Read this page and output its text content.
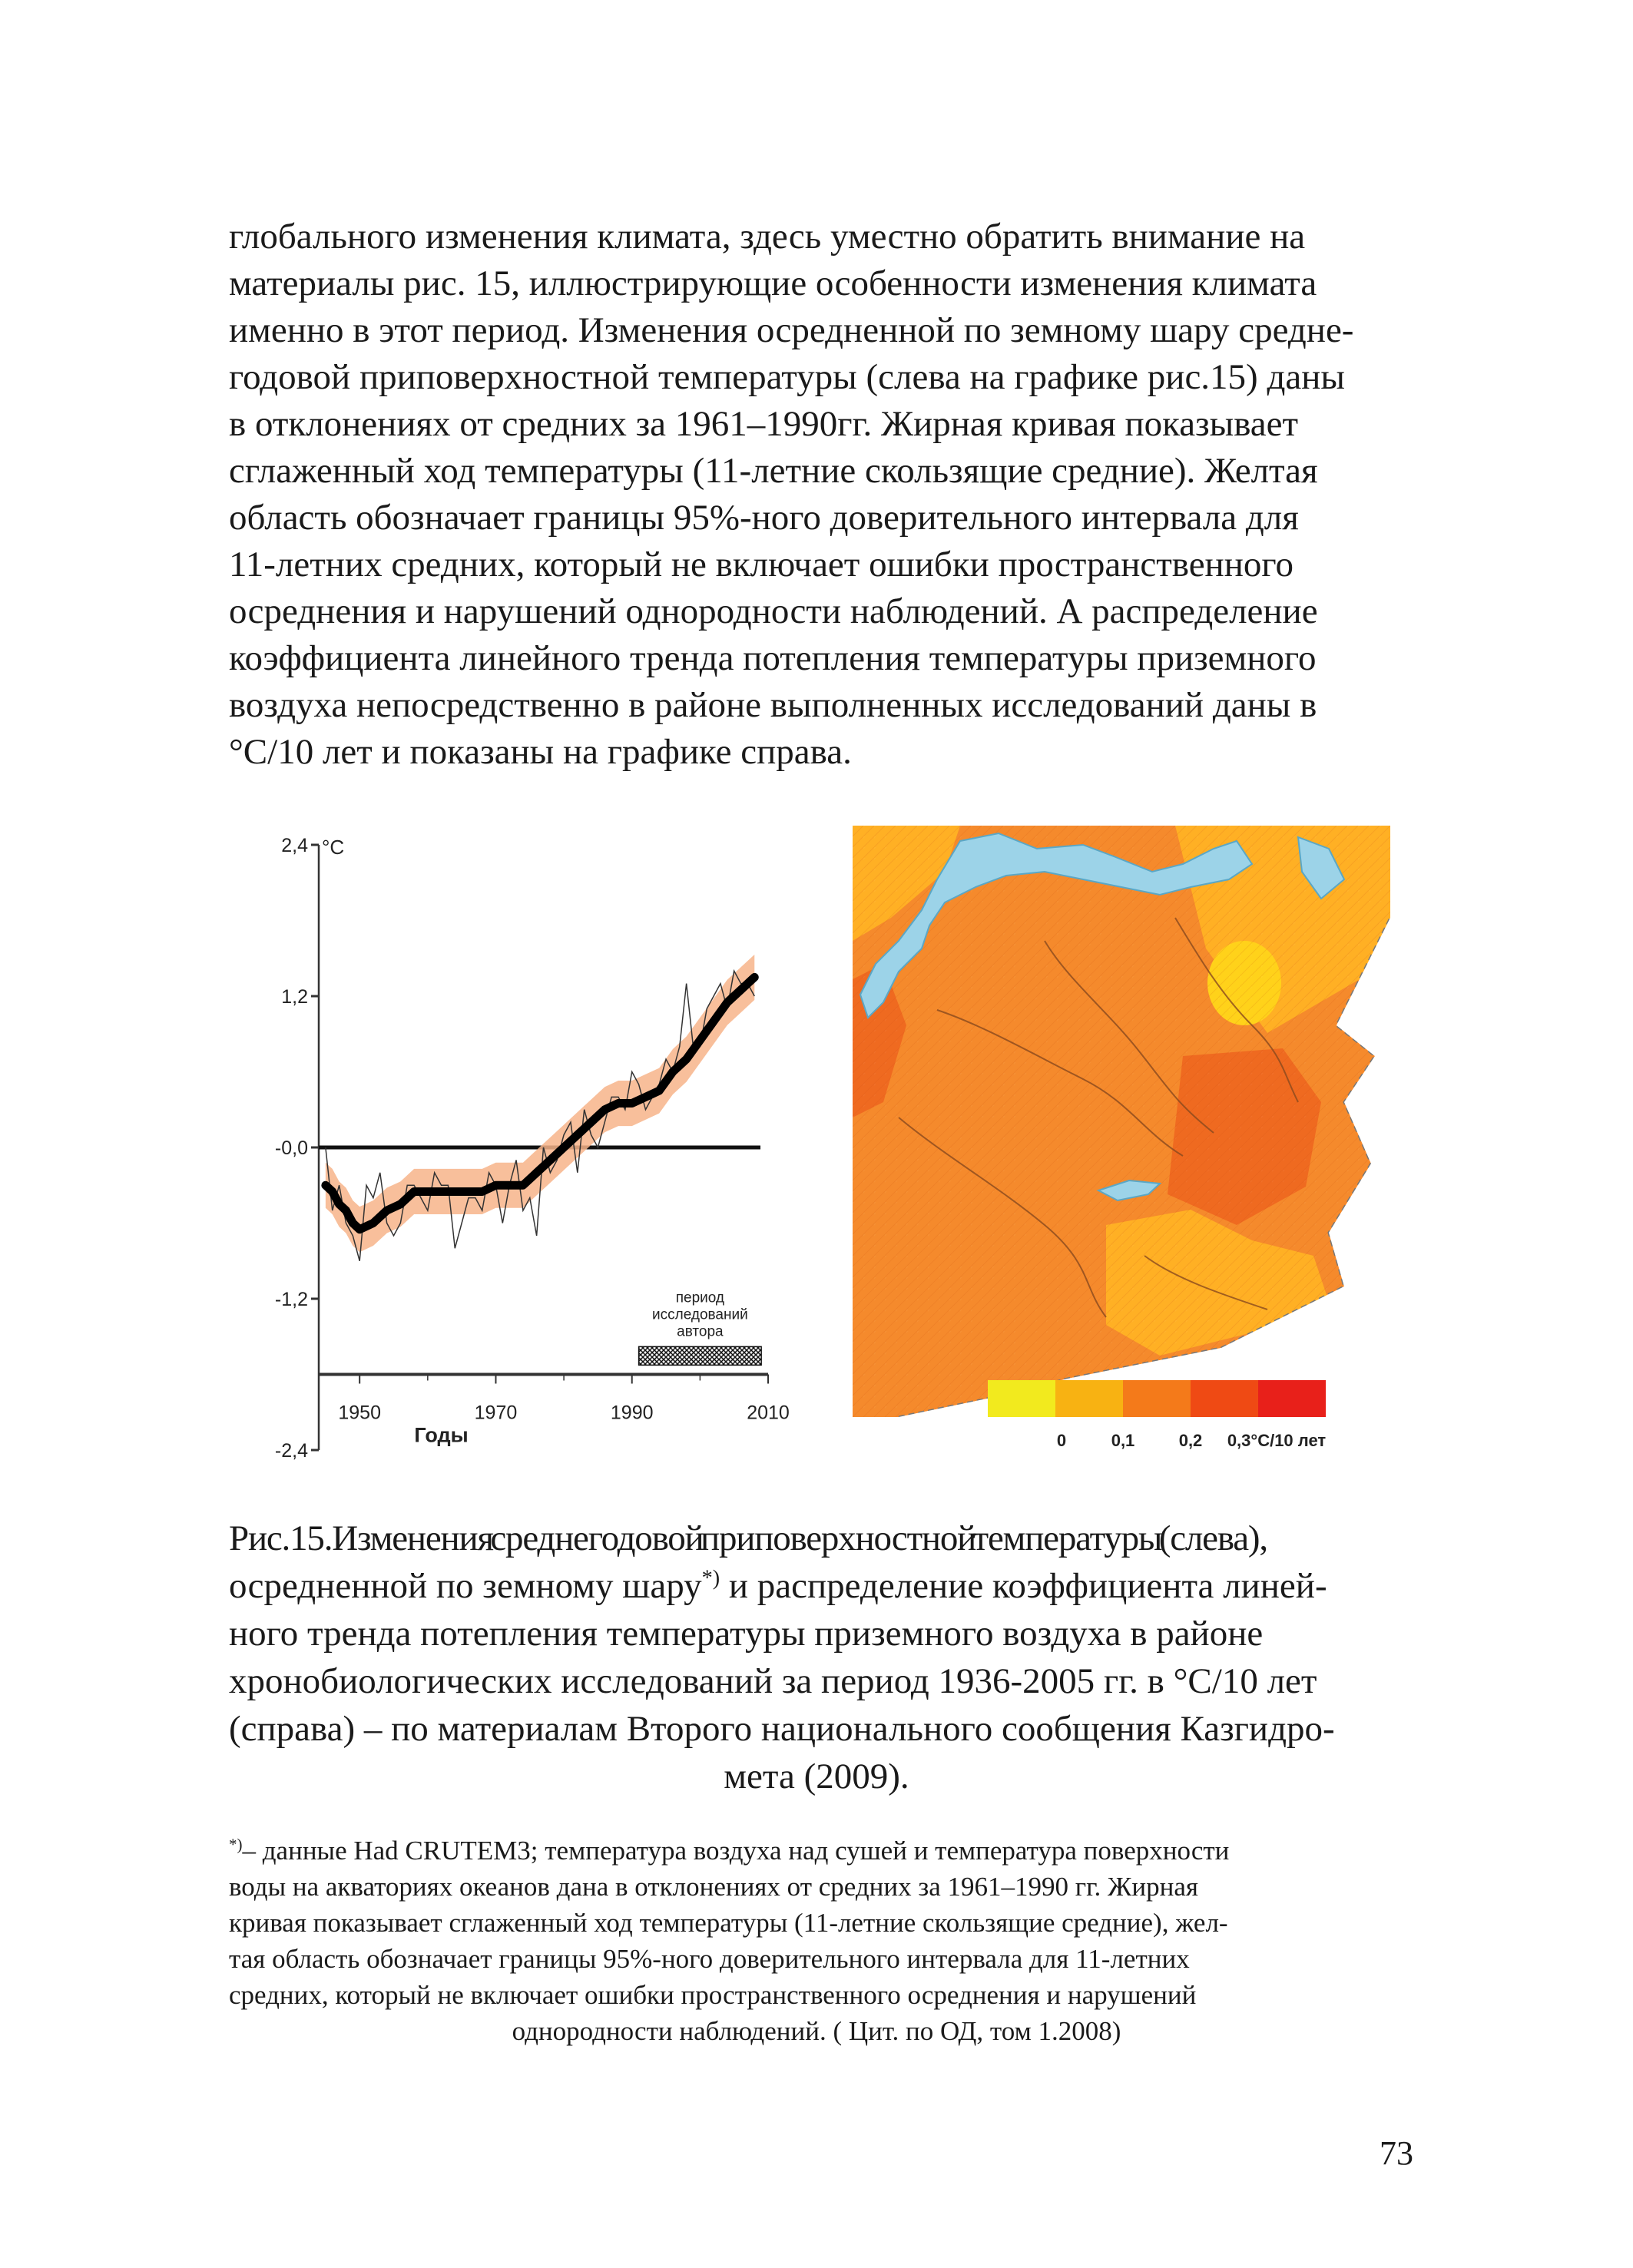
глобального изменения климата, здесь уместно обратить внимание на

материалы рис. 15, иллюстрирующие особенности изменения климата

именно в этот период. Изменения осредненной по земному шару средне-

годовой приповерхностной температуры (слева на графике рис.15) даны

в отклонениях от средних за 1961–1990гг. Жирная кривая показывает

сглаженный ход температуры (11-летние скользящие средние). Желтая

область обозначает границы 95%-ного доверительного интервала для

11-летних средних, который не включает ошибки пространственного

осреднения и нарушений однородности наблюдений. А распределение

коэффициента линейного тренда потепления температуры приземного

воздуха непосредственно в районе выполненных исследований даны в

°С/10 лет и показаны на графике справа.

2,4
1,2
-0,0
-1,2
-2,4
°С
1950	1970	1990	2010
Годы
период
исследований
автора
0	0,1	0,2 0,3°С/10 лет

Рис.15.Изменения среднегодовой приповерхностной температуры (слева),

осредненной по земному шару*) и распределение коэффициента линей-

ного тренда потепления температуры приземного воздуха в районе

хронобиологических исследований за период 1936-2005 гг. в °С/10 лет

(справа) – по материалам Второго национального сообщения Казгидро-

мета (2009).

*)– данные Had CRUTEM3; температура воздуха над сушей и температура поверхности

воды на акваториях океанов дана в отклонениях от средних за 1961–1990 гг. Жирная

кривая показывает сглаженный ход температуры (11-летние скользящие средние), жел-

тая область обозначает границы 95%-ного доверительного интервала для 11-летних

средних, который не включает ошибки пространственного осреднения и нарушений

однородности наблюдений. ( Цит. по ОД, том 1.2008)

73
